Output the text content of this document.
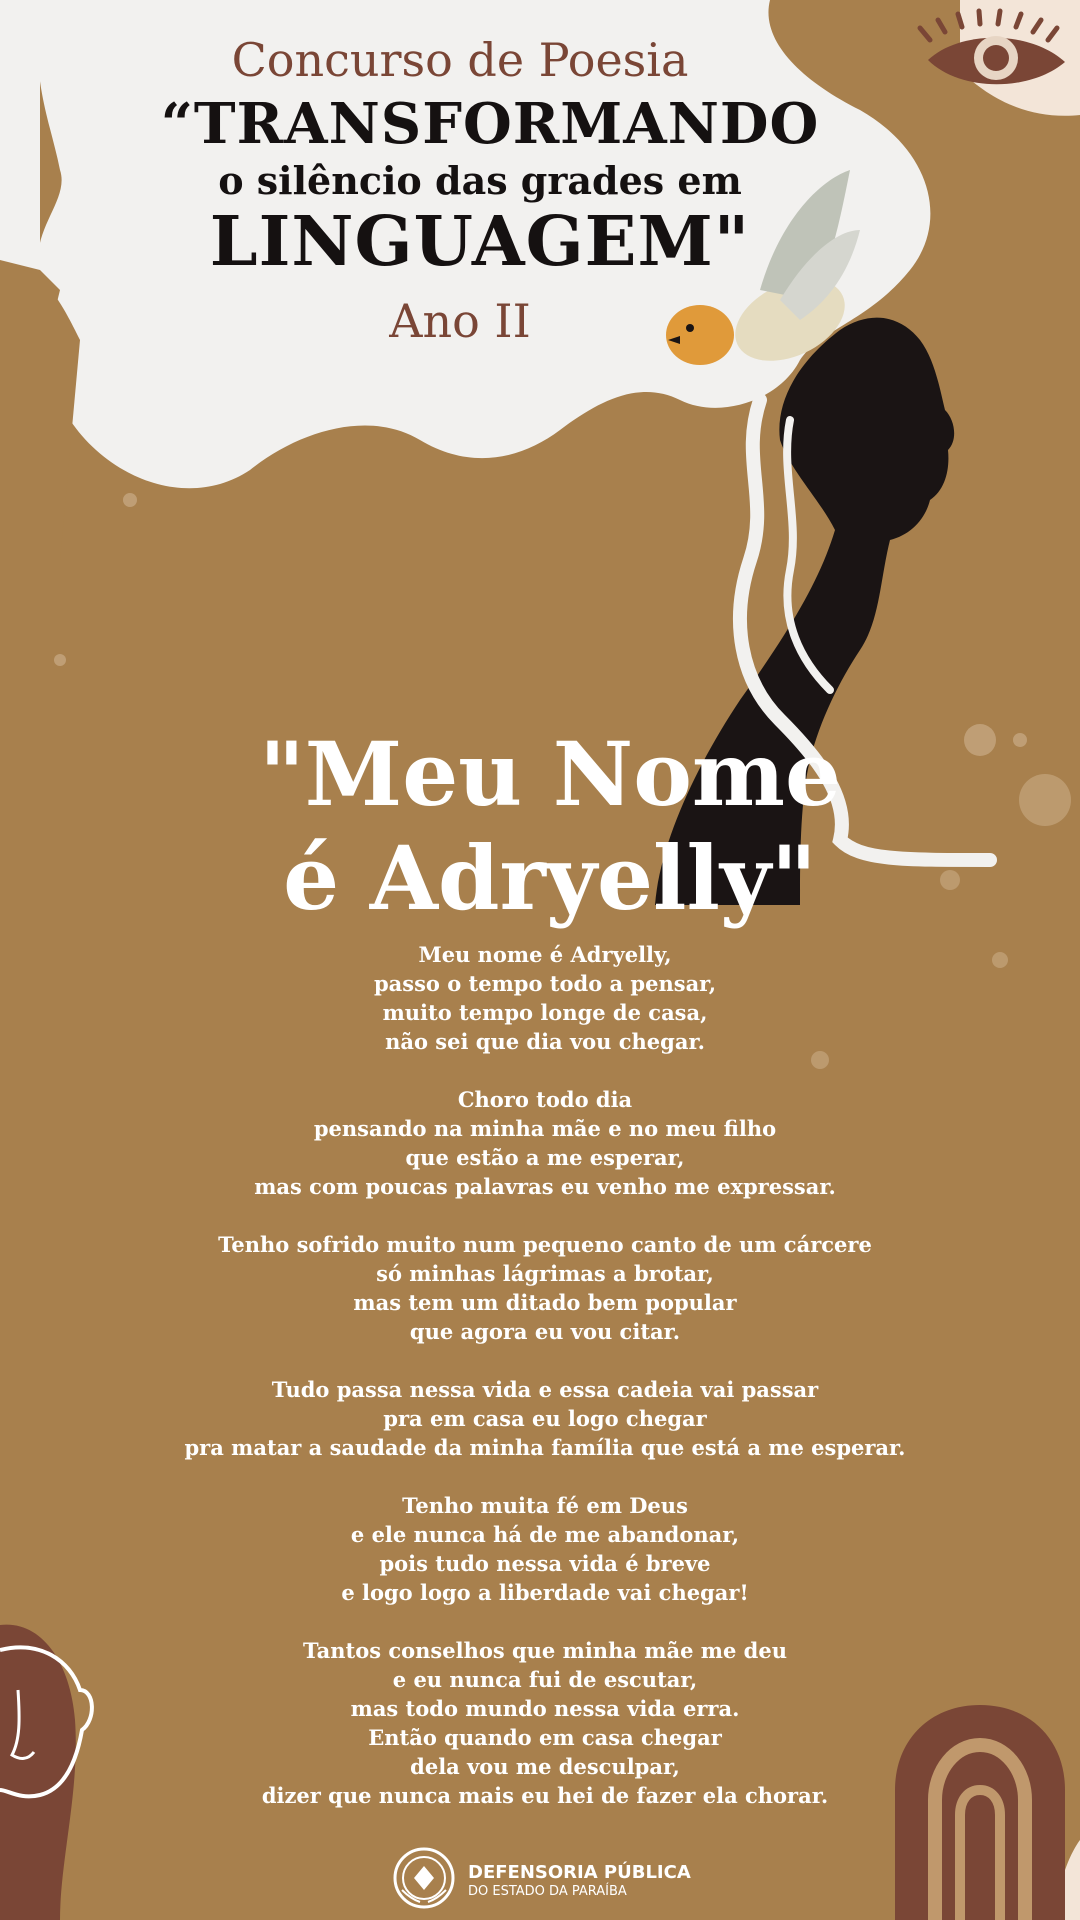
Concurso de Poesia
“TRANSFORMANDO
o silêncio das grades em
LINGUAGEM"
Ano II
"Meu Nome
é Adryelly"
Meu nome é Adryelly,
passo o tempo todo a pensar,
muito tempo longe de casa,
não sei que dia vou chegar.
Choro todo dia
pensando na minha mãe e no meu filho
que estão a me esperar,
mas com poucas palavras eu venho me expressar.
Tenho sofrido muito num pequeno canto de um cárcere
só minhas lágrimas a brotar,
mas tem um ditado bem popular
que agora eu vou citar.
Tudo passa nessa vida e essa cadeia vai passar
pra em casa eu logo chegar
pra matar a saudade da minha família que está a me esperar.
Tenho muita fé em Deus
e ele nunca há de me abandonar,
pois tudo nessa vida é breve
e logo logo a liberdade vai chegar!
Tantos conselhos que minha mãe me deu
e eu nunca fui de escutar,
mas todo mundo nessa vida erra.
Então quando em casa chegar
dela vou me desculpar,
dizer que nunca mais eu hei de fazer ela chorar.
DEFENSORIA PÚBLICA
DO ESTADO DA PARAÍBA
